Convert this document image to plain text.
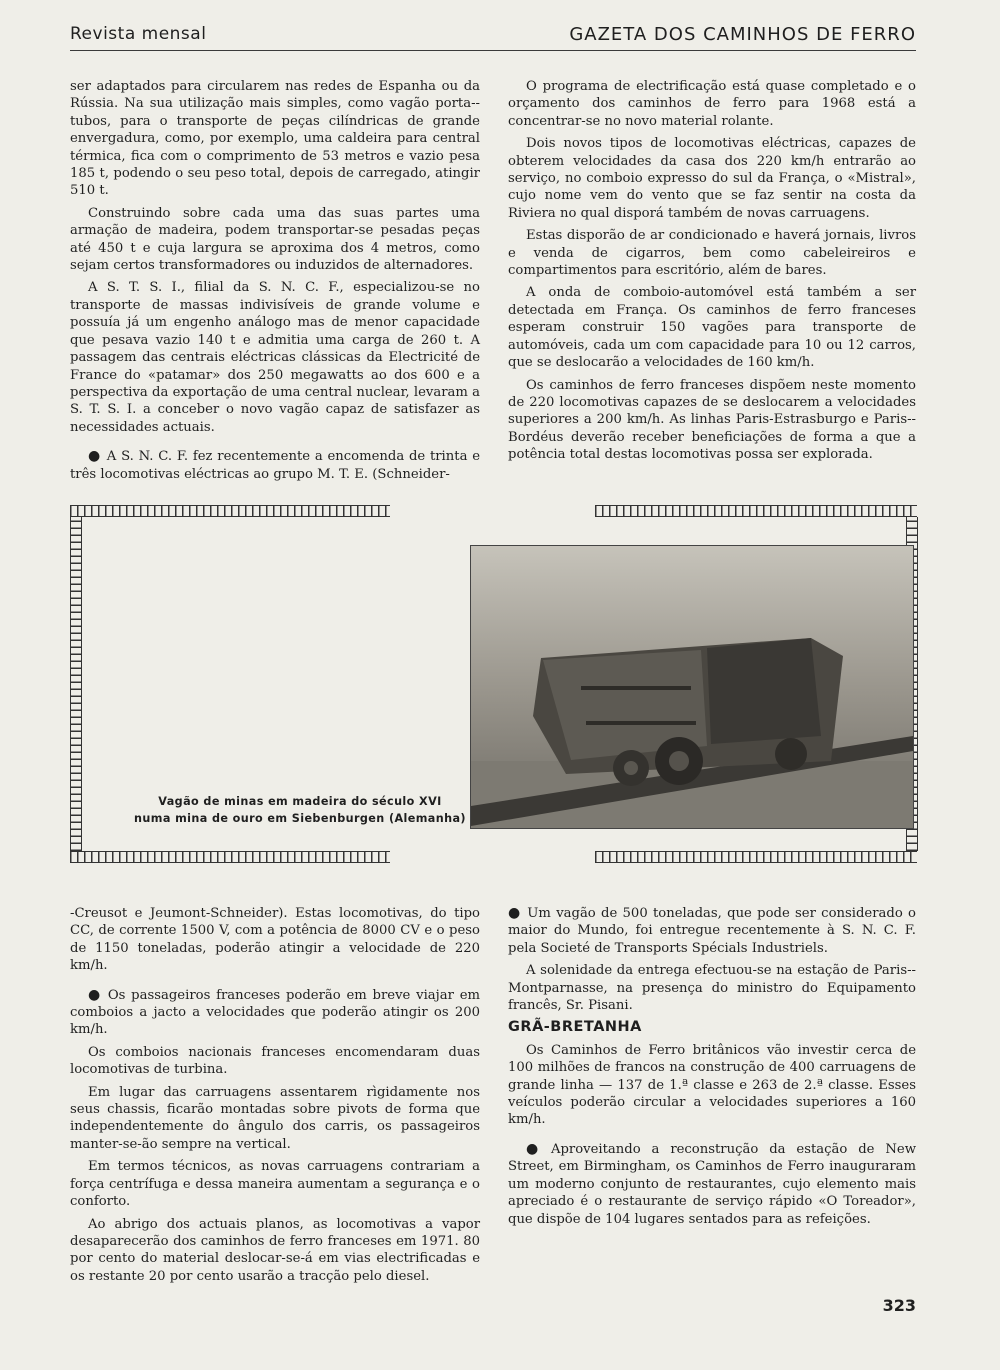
Revista mensal	GAZETA DOS CAMINHOS DE FERRO

ser adaptados para circularem nas redes de Espanha ou da Rússia. Na sua utilização mais simples, como vagão porta--tubos, para o transporte de peças cilíndricas de grande envergadura, como, por exemplo, uma caldeira para central térmica, fica com o comprimento de 53 metros e vazio pesa 185 t, podendo o seu peso total, depois de carregado, atingir 510 t.

Construindo sobre cada uma das suas partes uma armação de madeira, podem transportar-se pesadas peças até 450 t e cuja largura se aproxima dos 4 metros, como sejam certos transformadores ou induzidos de alternadores.

A S. T. S. I., filial da S. N. C. F., especializou-se no transporte de massas indivisíveis de grande volume e possuía já um engenho análogo mas de menor capacidade que pesava vazio 140 t e admitia uma carga de 260 t. A passagem das centrais eléctricas clássicas da Electricité de France do «patamar» dos 250 megawatts ao dos 600 e a perspectiva da exportação de uma central nuclear, levaram a S. T. S. I. a conceber o novo vagão capaz de satisfazer as necessidades actuais.

● A S. N. C. F. fez recentemente a encomenda de trinta e três locomotivas eléctricas ao grupo M. T. E. (Schneider-

O programa de electrificação está quase completado e o orçamento dos caminhos de ferro para 1968 está a concentrar-se no novo material rolante.

Dois novos tipos de locomotivas eléctricas, capazes de obterem velocidades da casa dos 220 km/h entrarão ao serviço, no comboio expresso do sul da França, o «Mistral», cujo nome vem do vento que se faz sentir na costa da Riviera no qual disporá também de novas carruagens.

Estas disporão de ar condicionado e haverá jornais, livros e venda de cigarros, bem como cabeleireiros e compartimentos para escritório, além de bares.

A onda de comboio-automóvel está também a ser detectada em França. Os caminhos de ferro franceses esperam construir 150 vagões para transporte de automóveis, cada um com capacidade para 10 ou 12 carros, que se deslocarão a velocidades de 160 km/h.

Os caminhos de ferro franceses dispõem neste momento de 220 locomotivas capazes de se deslocarem a velocidades superiores a 200 km/h. As linhas Paris-Estrasburgo e Paris--Bordéus deverão receber beneficiações de forma a que a potência total destas locomotivas possa ser explorada.

Vagão de minas em madeira do século XVI
numa mina de ouro em Siebenburgen (Alemanha)

-Creusot e Jeumont-Schneider). Estas locomotivas, do tipo CC, de corrente 1500 V, com a potência de 8000 CV e o peso de 1150 toneladas, poderão atingir a velocidade de 220 km/h.

● Os passageiros franceses poderão em breve viajar em comboios a jacto a velocidades que poderão atingir os 200 km/h.

Os comboios nacionais franceses encomendaram duas locomotivas de turbina.

Em lugar das carruagens assentarem rìgidamente nos seus chassis, ficarão montadas sobre pivots de forma que independentemente do ângulo dos carris, os passageiros manter-se-ão sempre na vertical.

Em termos técnicos, as novas carruagens contrariam a força centrífuga e dessa maneira aumentam a segurança e o conforto.

Ao abrigo dos actuais planos, as locomotivas a vapor desaparecerão dos caminhos de ferro franceses em 1971. 80 por cento do material deslocar-se-á em vias electrificadas e os restante 20 por cento usarão a tracção pelo diesel.

● Um vagão de 500 toneladas, que pode ser considerado o maior do Mundo, foi entregue recentemente à S. N. C. F. pela Societé de Transports Spécials Industriels.

A solenidade da entrega efectuou-se na estação de Paris--Montparnasse, na presença do ministro do Equipamento francês, Sr. Pisani.

GRÃ-BRETANHA

Os Caminhos de Ferro britânicos vão investir cerca de 100 milhões de francos na construção de 400 carruagens de grande linha — 137 de 1.ª classe e 263 de 2.ª classe. Esses veículos poderão circular a velocidades superiores a 160 km/h.

● Aproveitando a reconstrução da estação de New Street, em Birmingham, os Caminhos de Ferro inauguraram um moderno conjunto de restaurantes, cujo elemento mais apreciado é o restaurante de serviço rápido «O Toreador», que dispõe de 104 lugares sentados para as refeições.

323
